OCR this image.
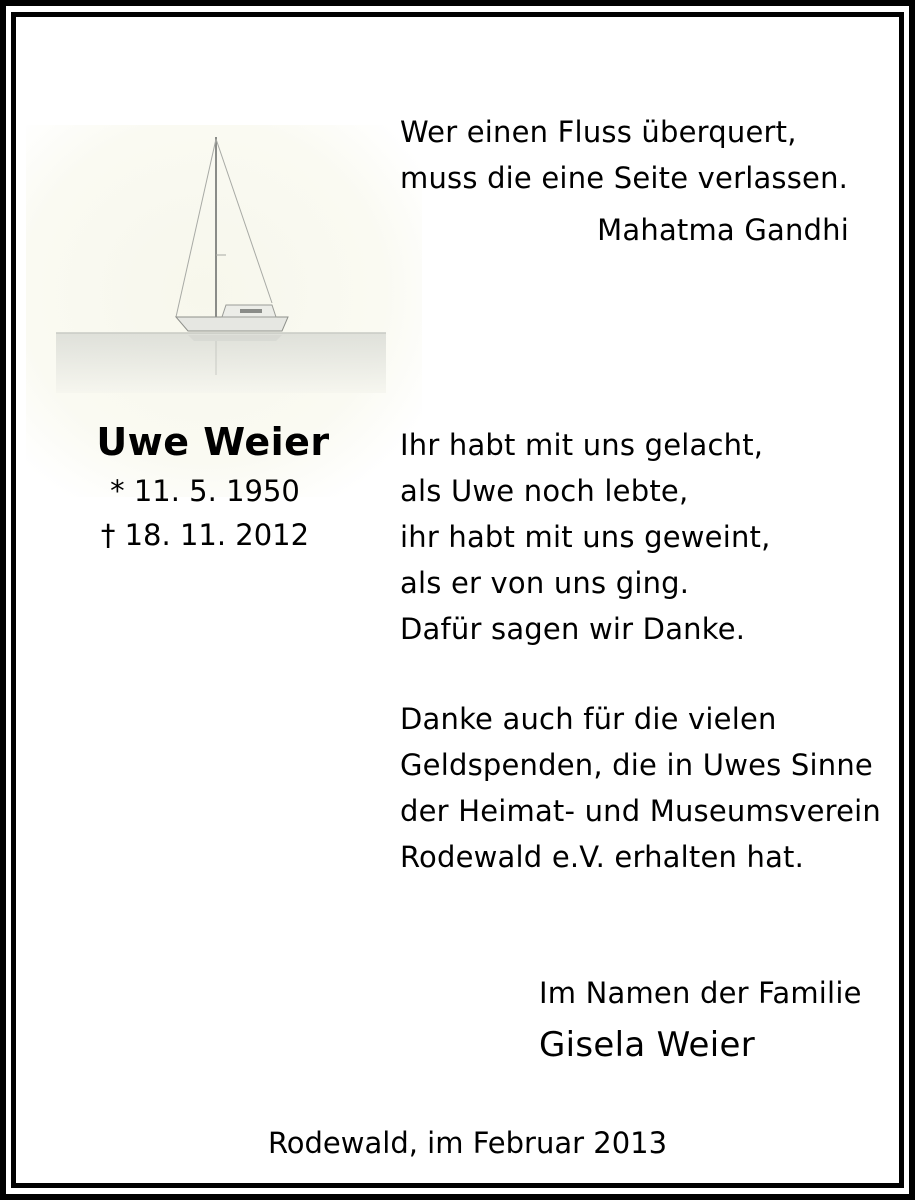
Wer einen Fluss überquert,
muss die eine Seite verlassen.
Mahatma Gandhi
Uwe Weier
* 11. 5. 1950
† 18. 11. 2012
Ihr habt mit uns gelacht,
als Uwe noch lebte,
ihr habt mit uns geweint,
als er von uns ging.
Dafür sagen wir Danke.
Danke auch für die vielen
Geldspenden, die in Uwes Sinne
der Heimat- und Museumsverein
Rodewald e.V. erhalten hat.
Im Namen der Familie
Gisela Weier
Rodewald, im Februar 2013
